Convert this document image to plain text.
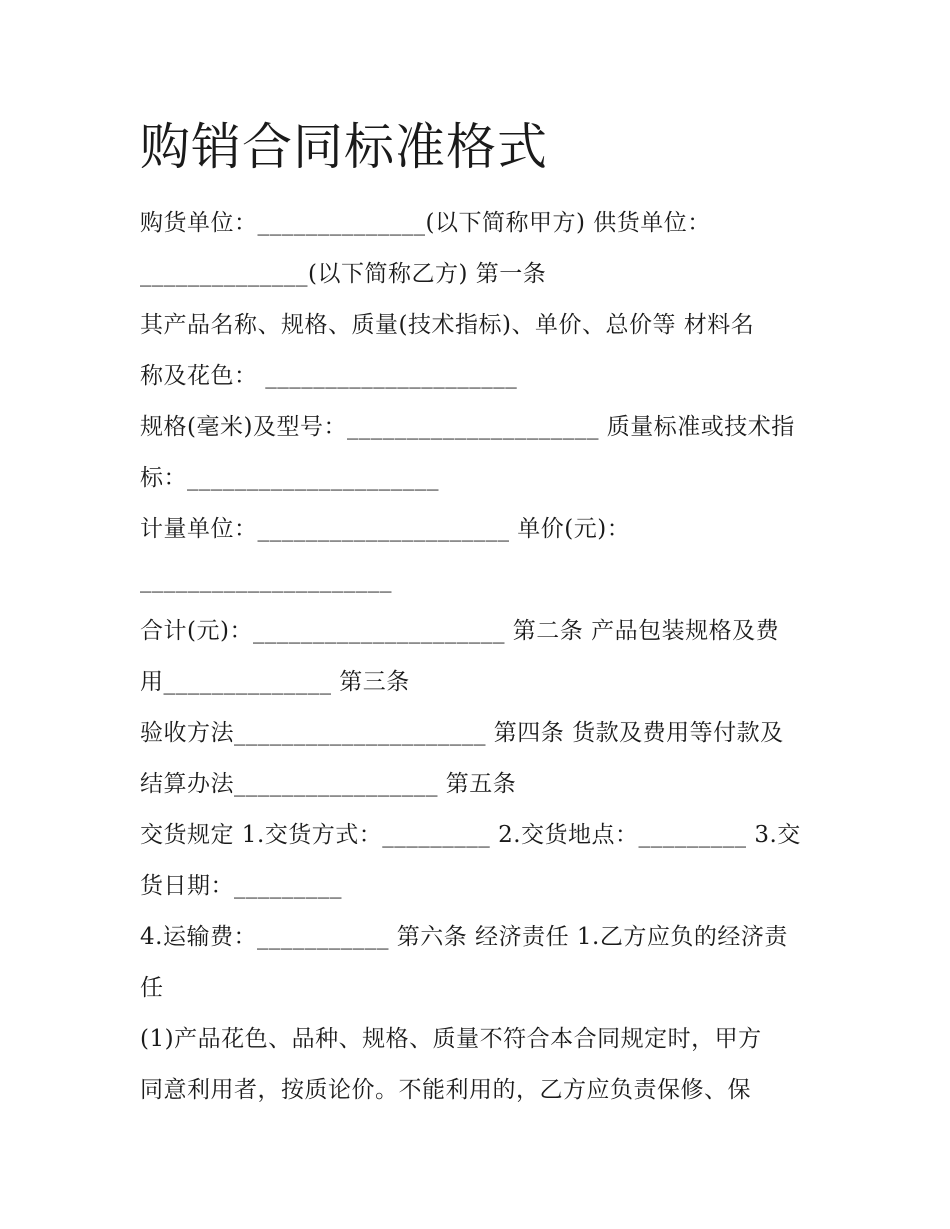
购销合同标准格式
购货单位：______________(以下简称甲方) 供货单位：
______________(以下简称乙方) 第一条
其产品名称、规格、质量(技术指标)、单价、总价等 材料名
称及花色： _____________________
规格(毫米)及型号：_____________________ 质量标准或技术指
标：_____________________
计量单位：_____________________ 单价(元)：
_____________________
合计(元)：_____________________ 第二条 产品包装规格及费
用______________ 第三条
验收方法_____________________ 第四条 货款及费用等付款及
结算办法_________________ 第五条
交货规定 1.交货方式：_________ 2.交货地点：_________ 3.交
货日期：_________
4.运输费：___________ 第六条 经济责任 1.乙方应负的经济责
任
(1)产品花色、品种、规格、质量不符合本合同规定时，甲方
同意利用者，按质论价。不能利用的，乙方应负责保修、保
